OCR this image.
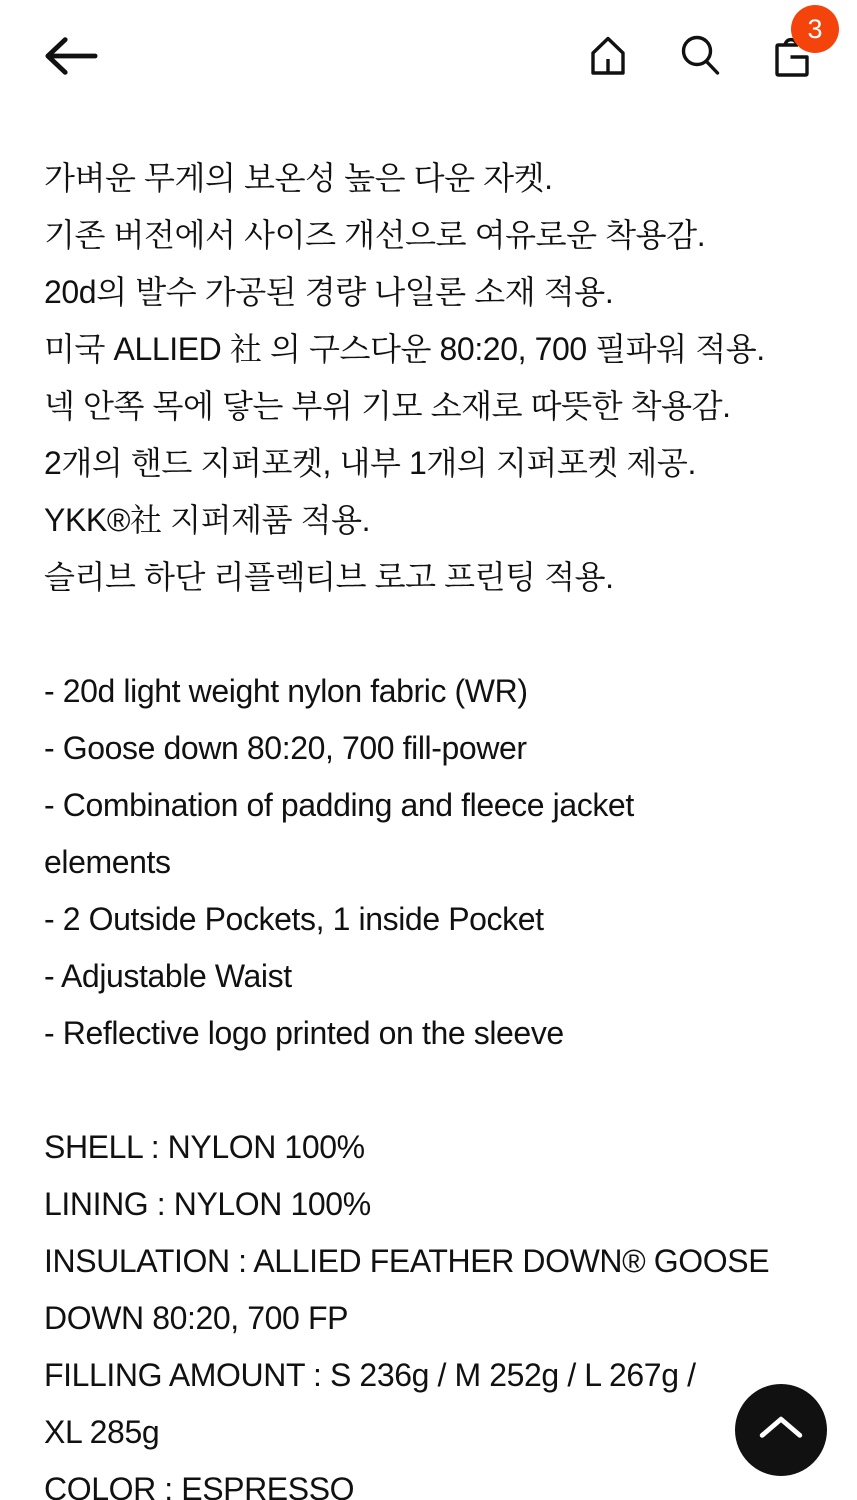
3
가벼운 무게의 보온성 높은 다운 자켓.
기존 버전에서 사이즈 개선으로 여유로운 착용감.
20d의 발수 가공된 경량 나일론 소재 적용.
미국 ALLIED 社 의 구스다운 80:20, 700 필파워 적용.
넥 안쪽 목에 닿는 부위 기모 소재로 따뜻한 착용감.
2개의 핸드 지퍼포켓, 내부 1개의 지퍼포켓 제공.
YKK®社 지퍼제품 적용.
슬리브 하단 리플렉티브 로고 프린팅 적용.
- 20d light weight nylon fabric (WR)
- Goose down 80:20, 700 fill-power
- Combination of padding and fleece jacket
elements
- 2 Outside Pockets, 1 inside Pocket
- Adjustable Waist
- Reflective logo printed on the sleeve
SHELL : NYLON 100%
LINING : NYLON 100%
INSULATION : ALLIED FEATHER DOWN® GOOSE
DOWN 80:20, 700 FP
FILLING AMOUNT : S 236g / M 252g / L 267g /
XL 285g
COLOR : ESPRESSO
